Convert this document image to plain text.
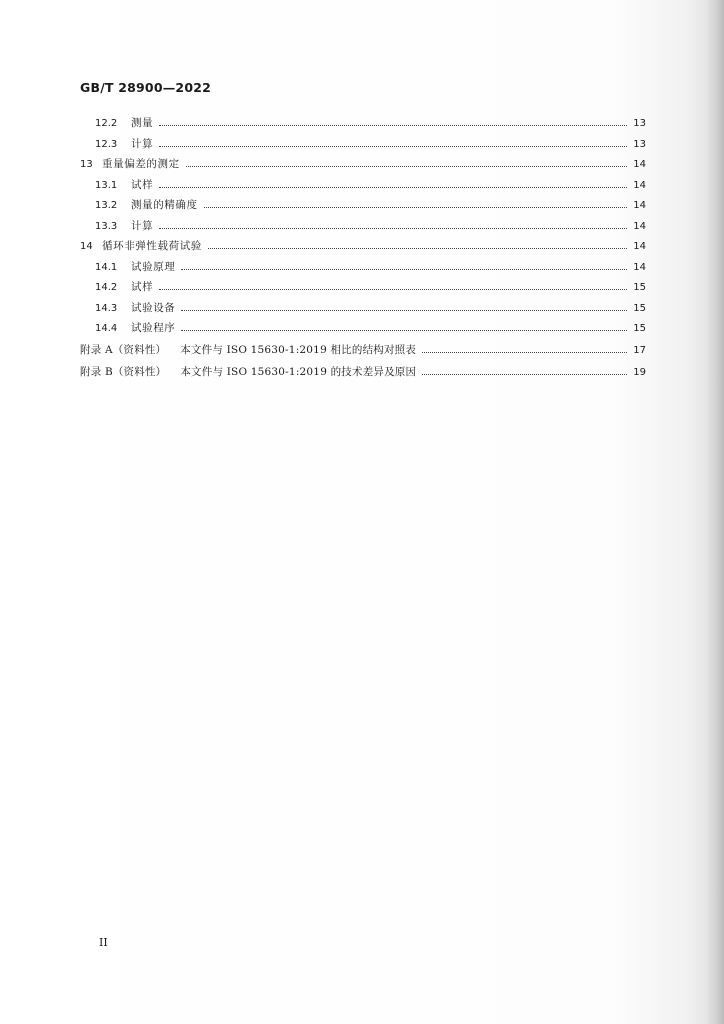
GB/T 28900—2022
12.2	测量	13
12.3	计算	13
13 重量偏差的测定	14
13.1	试样	14
13.2	测量的精确度	14
13.3	计算	14
14 循环非弹性载荷试验	14
14.1	试验原理	14
14.2	试样	15
14.3	试验设备	15
14.4	试验程序	15
附录 A（资料性） 本文件与 ISO 15630-1:2019 相比的结构对照表	17
附录 B（资料性） 本文件与 ISO 15630-1:2019 的技术差异及原因	19
II
